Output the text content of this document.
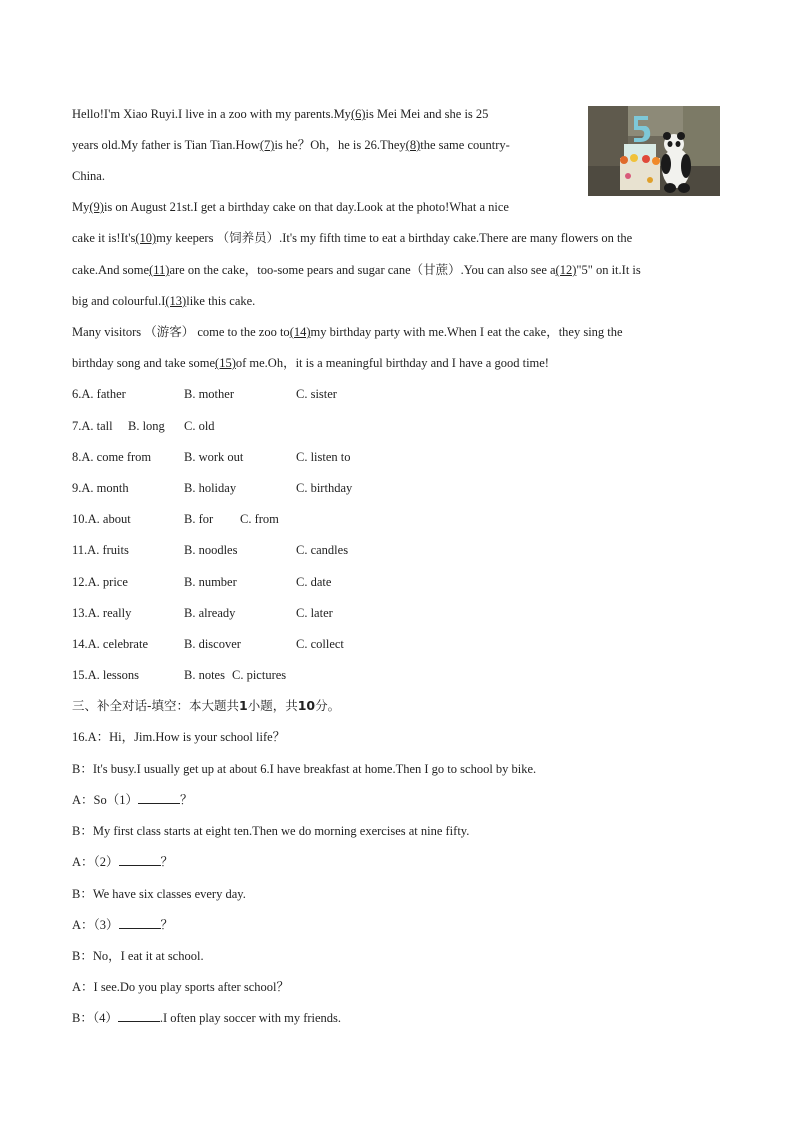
Hello!I'm Xiao Ruyi.I live in a zoo with my parents.My(6)is Mei Mei and she is 25
years old.My father is Tian Tian.How(7)is he？Oh，he is 26.They(8)the same country-
China.
My(9)is on August 21st.I get a birthday cake on that day.Look at the photo!What a nice
cake it is!It's(10)my keepers （饲养员）.It's my fifth time to eat a birthday cake.There are many flowers on the
cake.And some(11)are on the cake，too-some pears and sugar cane（甘蔗）.You can also see a(12)"5" on it.It is
big and colourful.I(13)like this cake.
Many visitors （游客） come to the zoo to(14)my birthday party with me.When I eat the cake，they sing the
birthday song and take some(15)of me.Oh，it is a meaningful birthday and I have a good time!
6.A. father	B. mother	C. sister
7.A. tall B. long C. old
8.A. come from	B. work out	C. listen to
9.A. month	B. holiday	C. birthday
10.A. about	B. for C. from
11.A. fruits	B. noodles	C. candles
12.A. price	B. number	C. date
13.A. really	B. already	C. later
14.A. celebrate	B. discover	C. collect
15.A. lessons	B. notes C. pictures
三、补全对话-填空：本大题共1小题，共10分。
16.A：Hi，Jim.How is your school life？
B：It's busy.I usually get up at about 6.I have breakfast at home.Then I go to school by bike.
A：So（1）	？
B：My first class starts at eight ten.Then we do morning exercises at nine fifty.
A：（2）	？
B：We have six classes every day.
A：（3）	？
B：No，I eat it at school.
A：I see.Do you play sports after school？
B：（4）	.I often play soccer with my friends.
